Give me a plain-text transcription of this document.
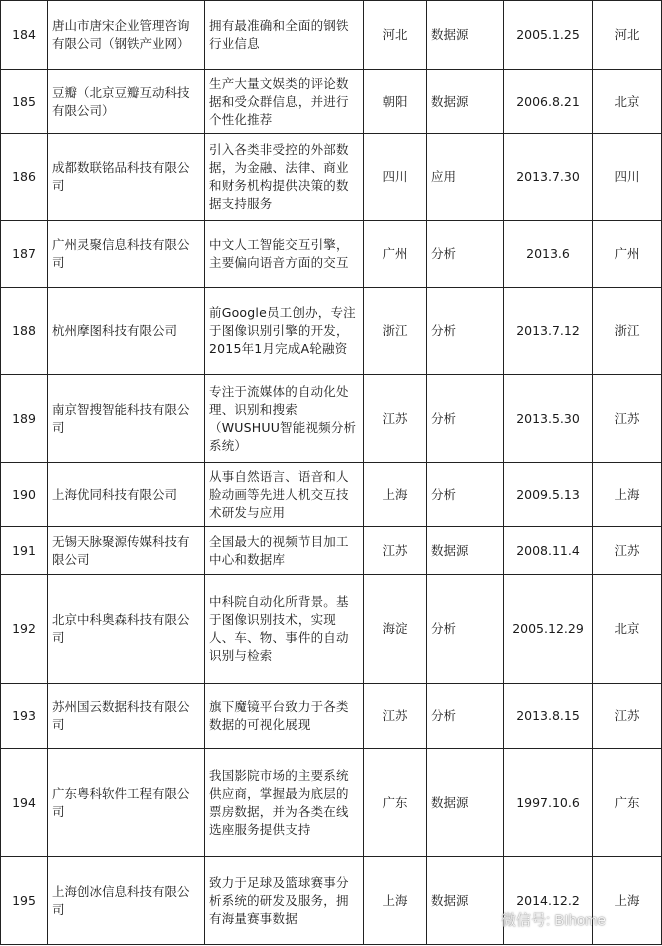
184	唐山市唐宋企业管理咨询有限公司（钢铁产业网）	拥有最准确和全面的钢铁行业信息	河北	数据源	2005.1.25	河北
185	豆瓣（北京豆瓣互动科技有限公司）	生产大量文娱类的评论数据和受众群信息，并进行个性化推荐	朝阳	数据源	2006.8.21	北京
186	成都数联铭品科技有限公司	引入各类非受控的外部数据，为金融、法律、商业和财务机构提供决策的数据支持服务	四川	应用	2013.7.30	四川
187	广州灵聚信息科技有限公司	中文人工智能交互引擎，主要偏向语音方面的交互	广州	分析	2013.6	广州
188	杭州摩图科技有限公司	前Google员工创办，专注于图像识别引擎的开发，2015年1月完成A轮融资	浙江	分析	2013.7.12	浙江
189	南京智搜智能科技有限公司	专注于流媒体的自动化处理、识别和搜索（WUSHUU智能视频分析系统）	江苏	分析	2013.5.30	江苏
190	上海优同科技有限公司	从事自然语言、语音和人脸动画等先进人机交互技术研发与应用	上海	分析	2009.5.13	上海
191	无锡天脉聚源传媒科技有限公司	全国最大的视频节目加工中心和数据库	江苏	数据源	2008.11.4	江苏
192	北京中科奥森科技有限公司	中科院自动化所背景。基于图像识别技术，实现人、车、物、事件的自动识别与检索	海淀	分析	2005.12.29	北京
193	苏州国云数据科技有限公司	旗下魔镜平台致力于各类数据的可视化展现	江苏	分析	2013.8.15	江苏
194	广东粤科软件工程有限公司	我国影院市场的主要系统供应商，掌握最为底层的票房数据，并为各类在线选座服务提供支持	广东	数据源	1997.10.6	广东
195	上海创冰信息科技有限公司	致力于足球及篮球赛事分析系统的研发及服务，拥有海量赛事数据	上海	数据源	2014.12.2	上海
微信号: BIhome
